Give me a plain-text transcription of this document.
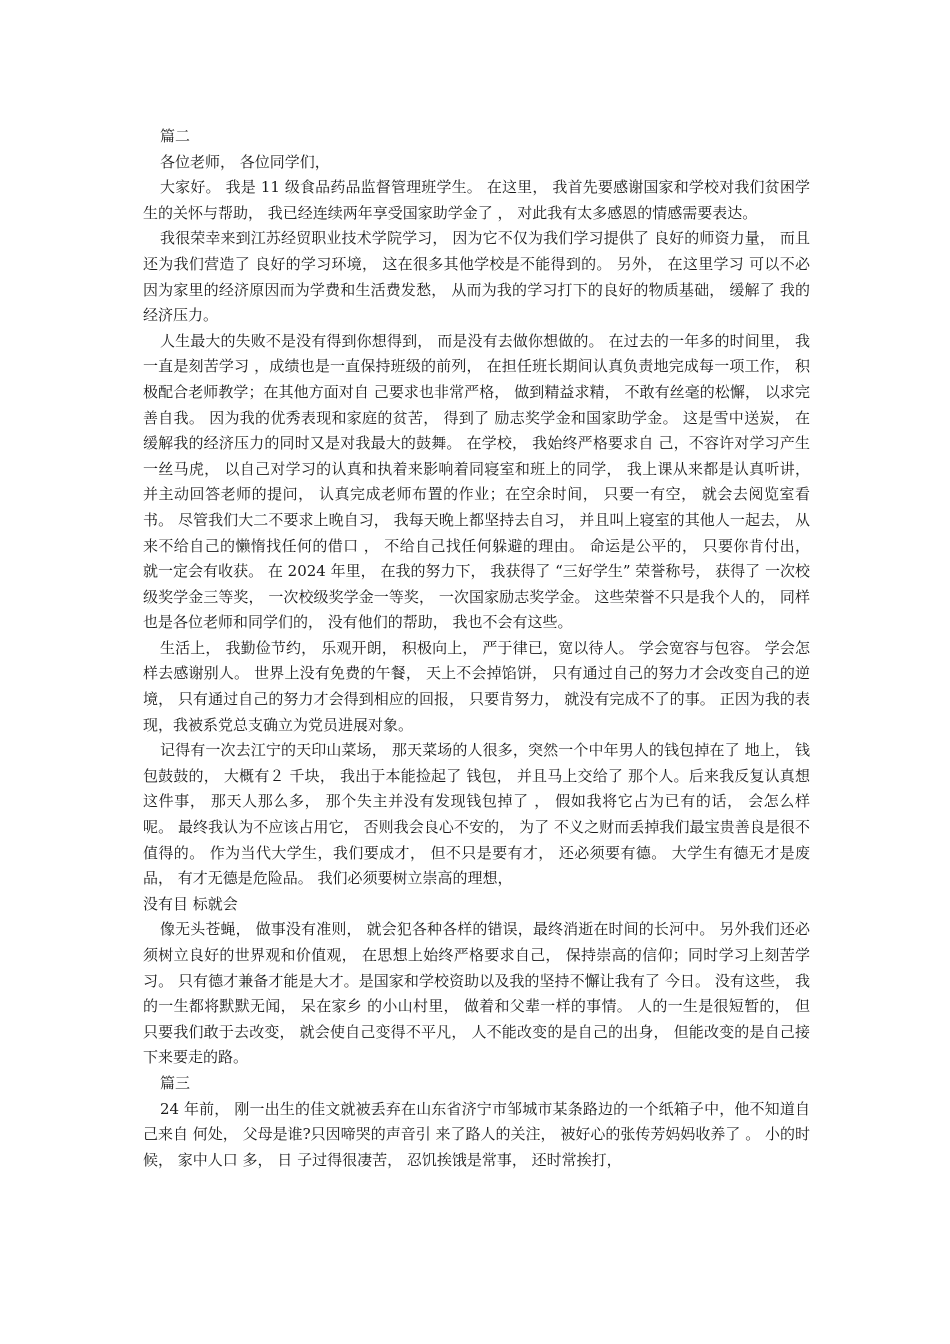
篇二

各位老师， 各位同学们，

大家好。 我是 11 级食品药品监督管理班学生。 在这里， 我首先要感谢国家和学校对我们贫困学生的关怀与帮助， 我已经连续两年享受国家助学金了 ， 对此我有太多感恩的情感需要表达。

我很荣幸来到江苏经贸职业技术学院学习， 因为它不仅为我们学习提供了 良好的师资力量， 而且还为我们营造了 良好的学习环境， 这在很多其他学校是不能得到的。 另外， 在这里学习 可以不必因为家里的经济原因而为学费和生活费发愁， 从而为我的学习打下的良好的物质基础， 缓解了 我的经济压力。

人生最大的失败不是没有得到你想得到， 而是没有去做你想做的。 在过去的一年多的时间里， 我一直是刻苦学习 ，成绩也是一直保持班级的前列， 在担任班长期间认真负责地完成每一项工作， 积极配合老师教学；在其他方面对自 己要求也非常严格， 做到精益求精， 不敢有丝毫的松懈， 以求完善自我。 因为我的优秀表现和家庭的贫苦， 得到了 励志奖学金和国家助学金。 这是雪中送炭， 在缓解我的经济压力的同时又是对我最大的鼓舞。 在学校， 我始终严格要求自 己，不容许对学习产生一丝马虎， 以自己对学习的认真和执着来影响着同寝室和班上的同学， 我上课从来都是认真听讲， 并主动回答老师的提问， 认真完成老师布置的作业；在空余时间， 只要一有空， 就会去阅览室看书。 尽管我们大二不要求上晚自习， 我每天晚上都坚持去自习， 并且叫上寝室的其他人一起去， 从来不给自己的懒惰找任何的借口 ， 不给自己找任何躲避的理由。 命运是公平的， 只要你肯付出， 就一定会有收获。 在 2024 年里， 在我的努力下， 我获得了 “三好学生” 荣誉称号， 获得了 一次校级奖学金三等奖， 一次校级奖学金一等奖， 一次国家励志奖学金。 这些荣誉不只是我个人的， 同样也是各位老师和同学们的， 没有他们的帮助， 我也不会有这些。

生活上， 我勤俭节约， 乐观开朗， 积极向上， 严于律已，宽以待人。 学会宽容与包容。 学会怎样去感谢别人。 世界上没有免费的午餐， 天上不会掉馅饼， 只有通过自己的努力才会改变自己的逆境， 只有通过自己的努力才会得到相应的回报， 只要肯努力， 就没有完成不了的事。 正因为我的表现，我被系党总支确立为党员进展对象。

记得有一次去江宁的天印山菜场， 那天菜场的人很多，突然一个中年男人的钱包掉在了 地上， 钱包鼓鼓的， 大概有２ 千块， 我出于本能捡起了 钱包， 并且马上交给了 那个人。后来我反复认真想这件事， 那天人那么多， 那个失主并没有发现钱包掉了 ， 假如我将它占为已有的话， 会怎么样呢。 最终我认为不应该占用它， 否则我会良心不安的， 为了 不义之财而丢掉我们最宝贵善良是很不值得的。 作为当代大学生，我们要成才， 但不只是要有才， 还必须要有德。 大学生有德无才是废品， 有才无德是危险品。 我们必须要树立崇高的理想，

没有目 标就会

像无头苍蝇， 做事没有准则， 就会犯各种各样的错误，最终消逝在时间的长河中。 另外我们还必须树立良好的世界观和价值观， 在思想上始终严格要求自己， 保持崇高的信仰；同时学习上刻苦学习。 只有德才兼备才能是大才。是国家和学校资助以及我的坚持不懈让我有了 今日。 没有这些， 我的一生都将默默无闻， 呆在家乡 的小山村里， 做着和父辈一样的事情。 人的一生是很短暂的， 但只要我们敢于去改变， 就会使自己变得不平凡， 人不能改变的是自己的出身， 但能改变的是自己接下来要走的路。

篇三

24 年前， 刚一出生的佳文就被丢弃在山东省济宁市邹城市某条路边的一个纸箱子中，他不知道自 己来自 何处， 父母是谁?只因啼哭的声音引 来了路人的关注， 被好心的张传芳妈妈收养了 。 小的时候， 家中人口 多， 日 子过得很凄苦， 忍饥挨饿是常事， 还时常挨打，
